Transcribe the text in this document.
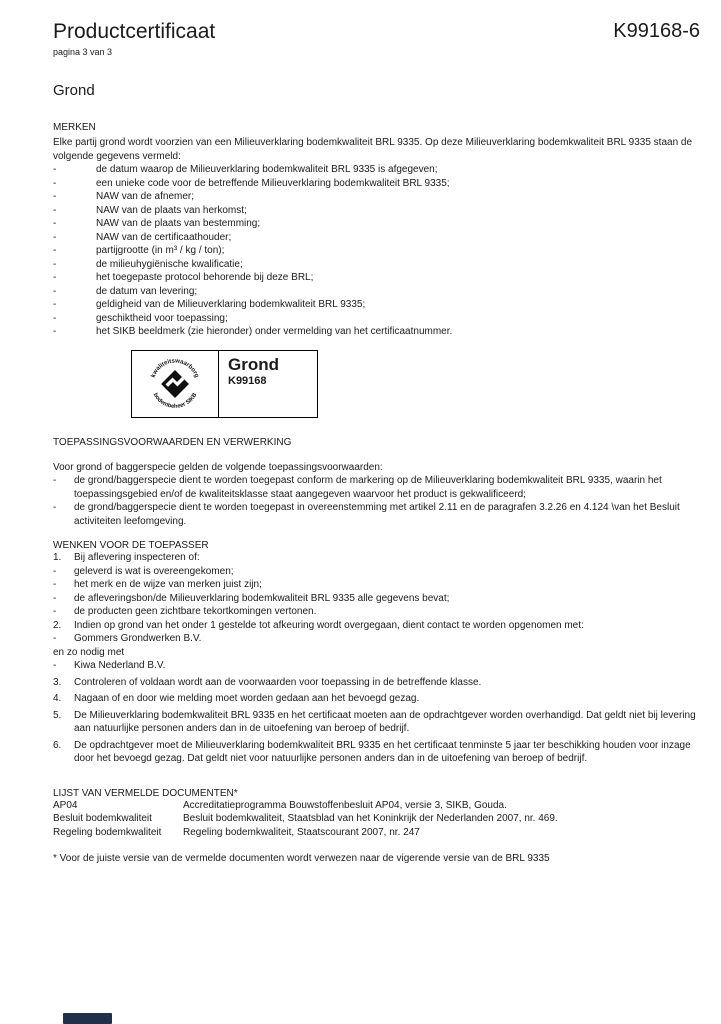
Productcertificaat	K99168-6
pagina 3 van 3
Grond
MERKEN
Elke partij grond wordt voorzien van een Milieuverklaring bodemkwaliteit BRL 9335. Op deze Milieuverklaring bodemkwaliteit BRL 9335 staan de volgende gegevens vermeld:
-	de datum waarop de Milieuverklaring bodemkwaliteit BRL 9335 is afgegeven;
-	een unieke code voor de betreffende Milieuverklaring bodemkwaliteit BRL 9335;
-	NAW van de afnemer;
-	NAW van de plaats van herkomst;
-	NAW van de plaats van bestemming;
-	NAW van de certificaathouder;
-	partijgrootte (in m³ / kg / ton);
-	de milieuhygiënische kwalificatie;
-	het toegepaste protocol behorende bij deze BRL;
-	de datum van levering;
-	geldigheid van de Milieuverklaring bodemkwaliteit BRL 9335;
-	geschiktheid voor toepassing;
-	het SIKB beeldmerk (zie hieronder) onder vermelding van het certificaatnummer.
kwaliteitswaarborg
bodembeheer SIKB
Grond
K99168
TOEPASSINGSVOORWAARDEN EN VERWERKING
Voor grond of baggerspecie gelden de volgende toepassingsvoorwaarden:
-	de grond/baggerspecie dient te worden toegepast conform de markering op de Milieuverklaring bodemkwaliteit BRL 9335, waarin het toepassingsgebied en/of de kwaliteitsklasse staat aangegeven waarvoor het product is gekwalificeerd;
-	de grond/baggerspecie dient te worden toegepast in overeenstemming met artikel 2.11 en de paragrafen 3.2.26 en 4.124 \van het Besluit activiteiten leefomgeving.
WENKEN VOOR DE TOEPASSER
1.	Bij aflevering inspecteren of:
-	geleverd is wat is overeengekomen;
-	het merk en de wijze van merken juist zijn;
-	de afleveringsbon/de Milieuverklaring bodemkwaliteit BRL 9335 alle gegevens bevat;
-	de producten geen zichtbare tekortkomingen vertonen.
2.	Indien op grond van het onder 1 gestelde tot afkeuring wordt overgegaan, dient contact te worden opgenomen met:
-	Gommers Grondwerken B.V.
en zo nodig met
-	Kiwa Nederland B.V.
3.	Controleren of voldaan wordt aan de voorwaarden voor toepassing in de betreffende klasse.
4.	Nagaan of en door wie melding moet worden gedaan aan het bevoegd gezag.
5.	De Milieuverklaring bodemkwaliteit BRL 9335 en het certificaat moeten aan de opdrachtgever worden overhandigd. Dat geldt niet bij levering aan natuurlijke personen anders dan in de uitoefening van beroep of bedrijf.
6.	De opdrachtgever moet de Milieuverklaring bodemkwaliteit BRL 9335 en het certificaat tenminste 5 jaar ter beschikking houden voor inzage door het bevoegd gezag. Dat geldt niet voor natuurlijke personen anders dan in de uitoefening van beroep of bedrijf.
LIJST VAN VERMELDE DOCUMENTEN*
AP04	Accreditatieprogramma Bouwstoffenbesluit AP04, versie 3, SIKB, Gouda.
Besluit bodemkwaliteit	Besluit bodemkwaliteit, Staatsblad van het Koninkrijk der Nederlanden 2007, nr. 469.
Regeling bodemkwaliteit	Regeling bodemkwaliteit, Staatscourant 2007, nr. 247
* Voor de juiste versie van de vermelde documenten wordt verwezen naar de vigerende versie van de BRL 9335
